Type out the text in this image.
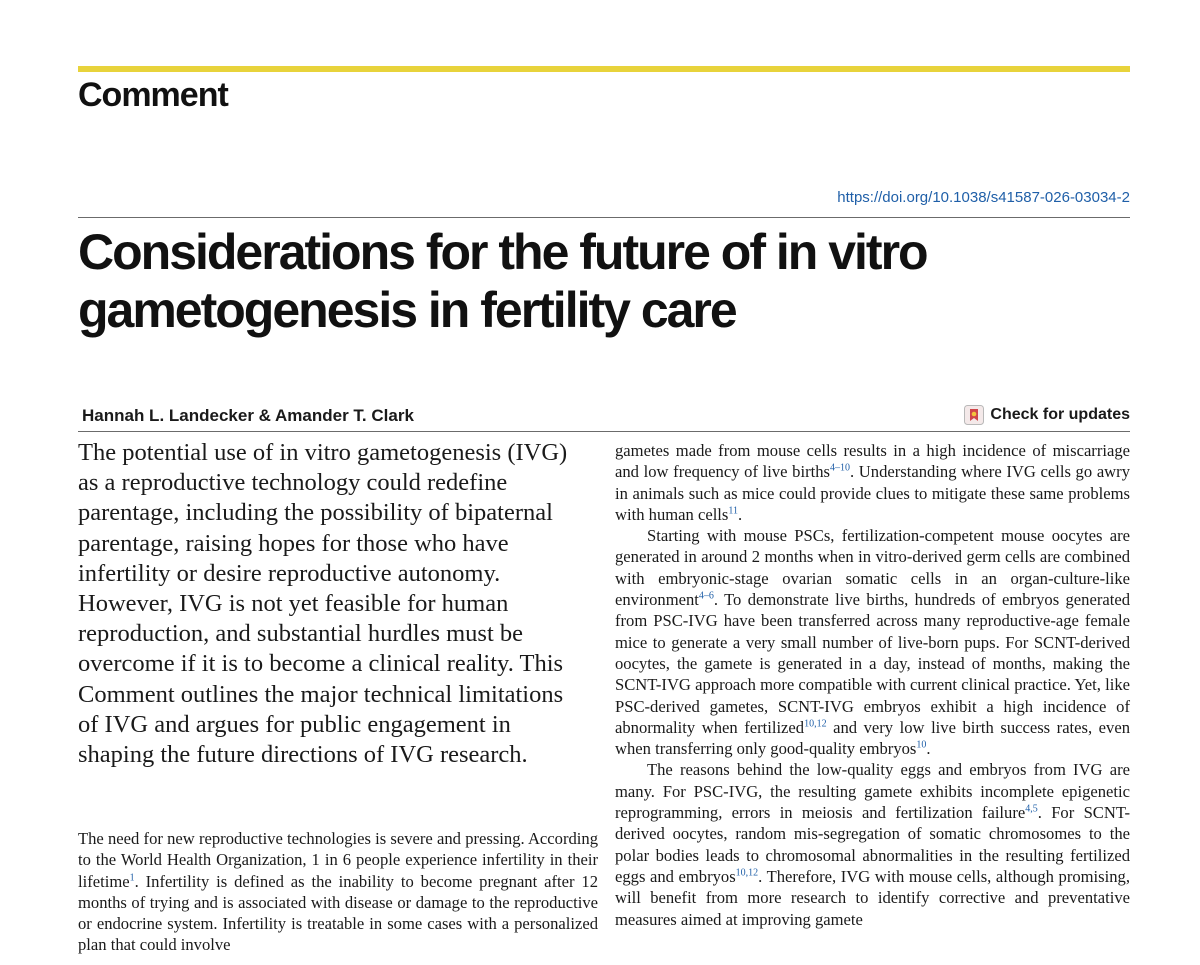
Comment
https://doi.org/10.1038/s41587-026-03034-2
Considerations for the future of in vitro gametogenesis in fertility care
Hannah L. Landecker & Amander T. Clark	Check for updates

The potential use of in vitro gametogenesis (IVG) as a reproductive technology could redefine parentage, including the possibility of bipaternal parentage, raising hopes for those who have infertility or desire reproductive autonomy. However, IVG is not yet feasible for human reproduction, and substantial hurdles must be overcome if it is to become a clinical reality. This Comment outlines the major technical limitations of IVG and argues for public engagement in shaping the future directions of IVG research.

The need for new reproductive technologies is severe and pressing. According to the World Health Organization, 1 in 6 people experience infertility in their lifetime$^1$. Infertility is defined as the inability to become pregnant after 12 months of trying and is associated with disease or damage to the reproductive or endocrine system. Infertility is treatable in some cases with a personalized plan that could involve

gametes made from mouse cells results in a high incidence of miscarriage and low frequency of live births$^{4-10}$. Understanding where IVG cells go awry in animals such as mice could provide clues to mitigate these same problems with human cells$^{11}$.

Starting with mouse PSCs, fertilization-competent mouse oocytes are generated in around 2 months when in vitro-derived germ cells are combined with embryonic-stage ovarian somatic cells in an organ-culture-like environment$^{4-6}$. To demonstrate live births, hundreds of embryos generated from PSC-IVG have been transferred across many reproductive-age female mice to generate a very small number of live-born pups. For SCNT-derived oocytes, the gamete is generated in a day, instead of months, making the SCNT-IVG approach more compatible with current clinical practice. Yet, like PSC-derived gametes, SCNT-IVG embryos exhibit a high incidence of abnormality when fertilized$^{10,12}$ and very low live birth success rates, even when transferring only good-quality embryos$^{10}$.

The reasons behind the low-quality eggs and embryos from IVG are many. For PSC-IVG, the resulting gamete exhibits incomplete epigenetic reprogramming, errors in meiosis and fertilization failure$^{4,5}$. For SCNT-derived oocytes, random mis-segregation of somatic chromosomes to the polar bodies leads to chromosomal abnormalities in the resulting fertilized eggs and embryos$^{10,12}$. Therefore, IVG with mouse cells, although promising, will benefit from more research to identify corrective and preventative measures aimed at improving gamete
